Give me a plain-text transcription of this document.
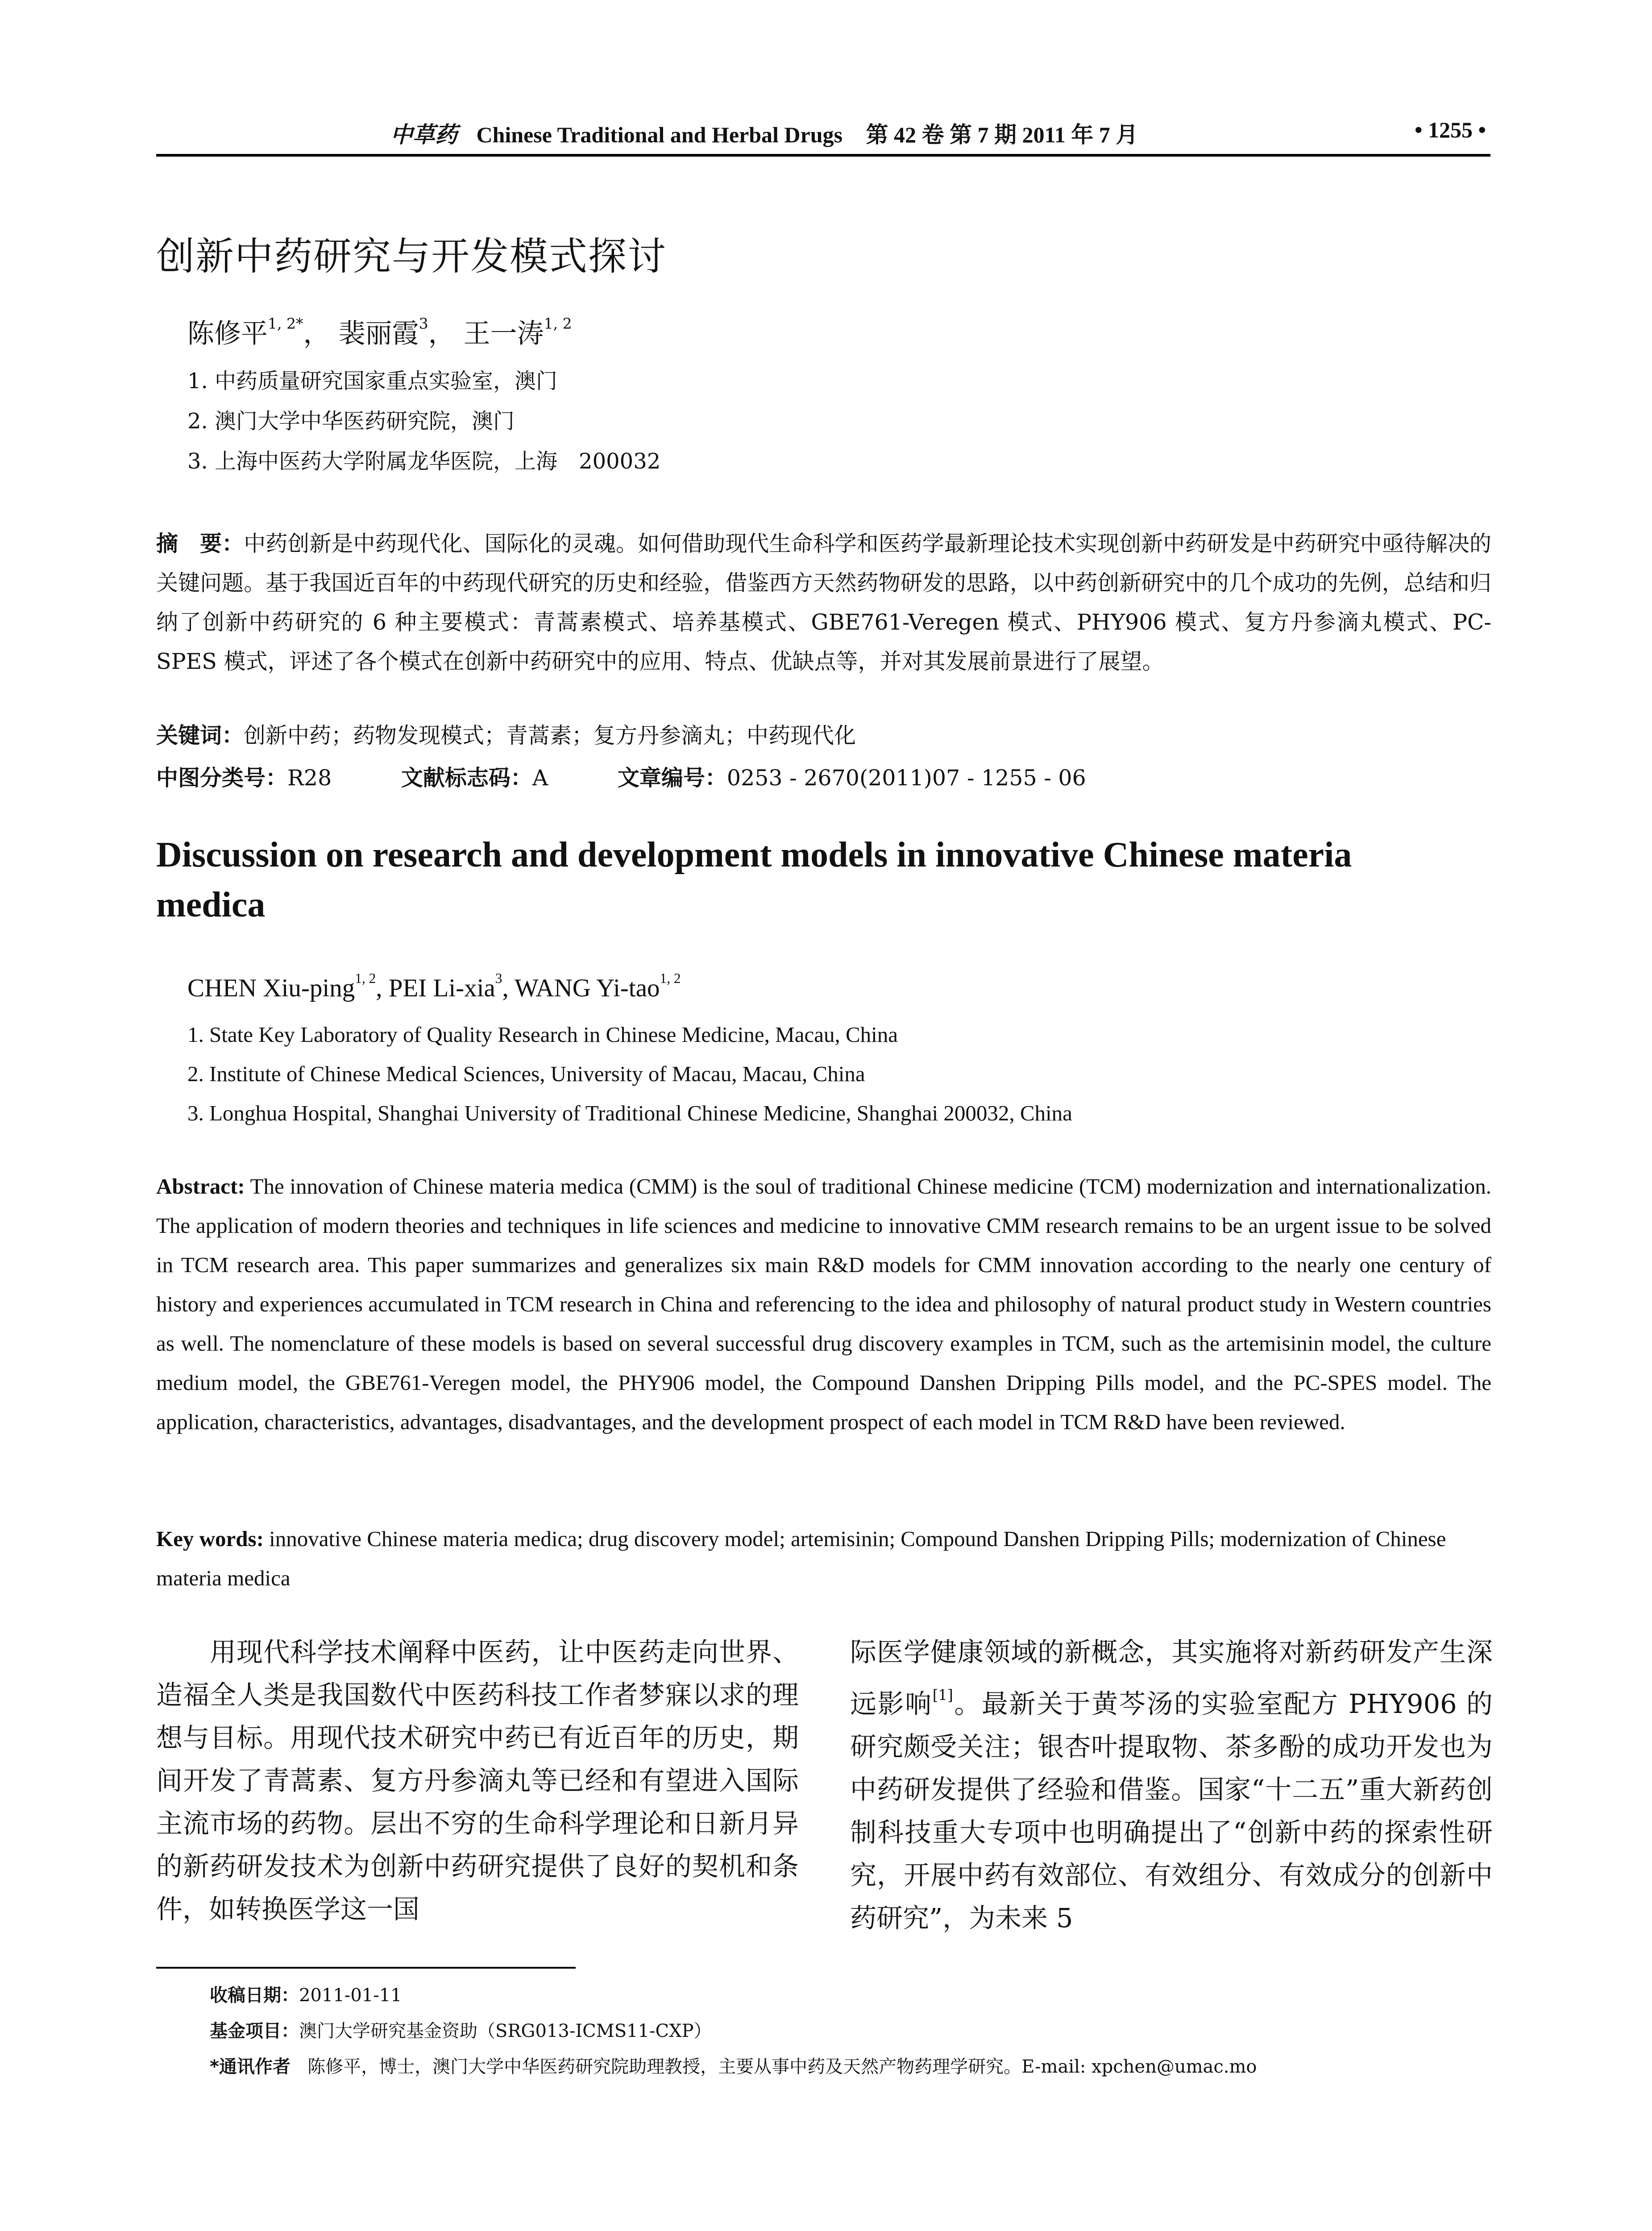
中草药 Chinese Traditional and Herbal Drugs 第 42 卷 第 7 期 2011 年 7 月	• 1255 •
创新中药研究与开发模式探讨
陈修平$^{1, 2*}$， 裴丽霞$^3$， 王一涛$^{1, 2}$
1. 中药质量研究国家重点实验室，澳门
2. 澳门大学中华医药研究院，澳门
3. 上海中医药大学附属龙华医院，上海　200032
摘　要：中药创新是中药现代化、国际化的灵魂。如何借助现代生命科学和医药学最新理论技术实现创新中药研发是中药研究中亟待解决的关键问题。基于我国近百年的中药现代研究的历史和经验，借鉴西方天然药物研发的思路，以中药创新研究中的几个成功的先例，总结和归纳了创新中药研究的 6 种主要模式：青蒿素模式、培养基模式、GBE761-Veregen 模式、PHY906 模式、复方丹参滴丸模式、PC-SPES 模式，评述了各个模式在创新中药研究中的应用、特点、优缺点等，并对其发展前景进行了展望。
关键词：创新中药；药物发现模式；青蒿素；复方丹参滴丸；中药现代化
中图分类号：R28	文献标志码：A	文章编号：0253 - 2670(2011)07 - 1255 - 06
Discussion on research and development models in innovative Chinese materia medica
CHEN Xiu-ping$^{1, 2}$, PEI Li-xia$^3$, WANG Yi-tao$^{1, 2}$
1. State Key Laboratory of Quality Research in Chinese Medicine, Macau, China
2. Institute of Chinese Medical Sciences, University of Macau, Macau, China
3. Longhua Hospital, Shanghai University of Traditional Chinese Medicine, Shanghai 200032, China
Abstract: The innovation of Chinese materia medica (CMM) is the soul of traditional Chinese medicine (TCM) modernization and internationalization. The application of modern theories and techniques in life sciences and medicine to innovative CMM research remains to be an urgent issue to be solved in TCM research area. This paper summarizes and generalizes six main R&D models for CMM innovation according to the nearly one century of history and experiences accumulated in TCM research in China and referencing to the idea and philosophy of natural product study in Western countries as well. The nomenclature of these models is based on several successful drug discovery examples in TCM, such as the artemisinin model, the culture medium model, the GBE761-Veregen model, the PHY906 model, the Compound Danshen Dripping Pills model, and the PC-SPES model. The application, characteristics, advantages, disadvantages, and the development prospect of each model in TCM R&D have been reviewed.
Key words: innovative Chinese materia medica; drug discovery model; artemisinin; Compound Danshen Dripping Pills; modernization of Chinese materia medica
用现代科学技术阐释中医药，让中医药走向世界、造福全人类是我国数代中医药科技工作者梦寐以求的理想与目标。用现代技术研究中药已有近百年的历史，期间开发了青蒿素、复方丹参滴丸等已经和有望进入国际主流市场的药物。层出不穷的生命科学理论和日新月异的新药研发技术为创新中药研究提供了良好的契机和条件，如转换医学这一国
际医学健康领域的新概念，其实施将对新药研发产生深远影响[1]。最新关于黄芩汤的实验室配方 PHY906 的研究颇受关注；银杏叶提取物、茶多酚的成功开发也为中药研发提供了经验和借鉴。国家“十二五”重大新药创制科技重大专项中也明确提出了“创新中药的探索性研究，开展中药有效部位、有效组分、有效成分的创新中药研究”，为未来 5
收稿日期：2011-01-11
基金项目：澳门大学研究基金资助（SRG013-ICMS11-CXP）
*通讯作者 陈修平，博士，澳门大学中华医药研究院助理教授，主要从事中药及天然产物药理学研究。E-mail: xpchen@umac.mo
